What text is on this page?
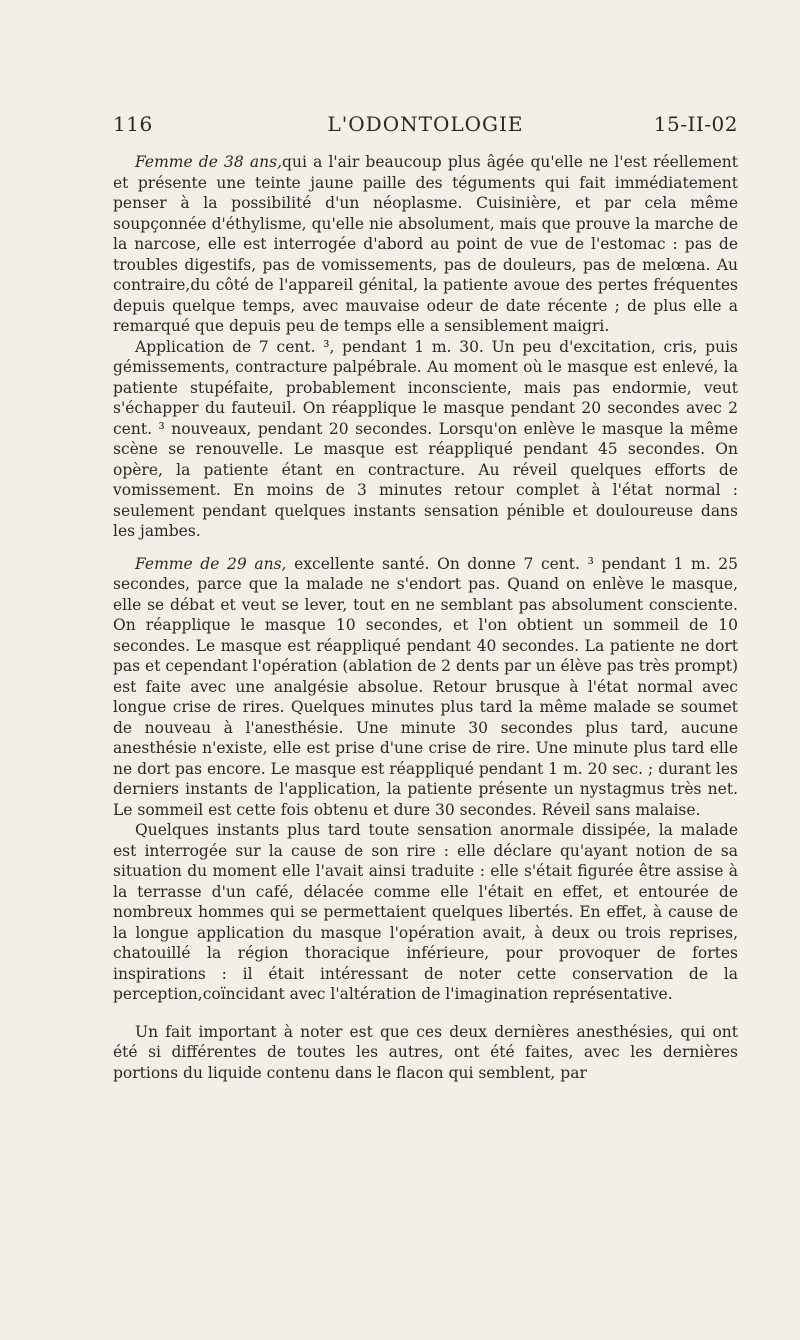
116	L'ODONTOLOGIE	15-II-02

Femme de 38 ans,qui a l'air beaucoup plus âgée qu'elle ne l'est réellement et présente une teinte jaune paille des téguments qui fait immédiatement penser à la possibilité d'un néoplasme. Cuisinière, et par cela même soupçonnée d'éthylisme, qu'elle nie absolument, mais que prouve la marche de la narcose, elle est interrogée d'abord au point de vue de l'estomac : pas de troubles digestifs, pas de vomissements, pas de douleurs, pas de melœna. Au contraire,du côté de l'appareil génital, la patiente avoue des pertes fréquentes depuis quelque temps, avec mauvaise odeur de date récente ; de plus elle a remarqué que depuis peu de temps elle a sensiblement maigri.

Application de 7 cent. ³, pendant 1 m. 30. Un peu d'excitation, cris, puis gémissements, contracture palpébrale. Au moment où le masque est enlevé, la patiente stupéfaite, probablement inconsciente, mais pas endormie, veut s'échapper du fauteuil. On réapplique le masque pendant 20 secondes avec 2 cent. ³ nouveaux, pendant 20 secondes. Lorsqu'on enlève le masque la même scène se renouvelle. Le masque est réappliqué pendant 45 secondes. On opère, la patiente étant en contracture. Au réveil quelques efforts de vomissement. En moins de 3 minutes retour complet à l'état normal : seulement pendant quelques instants sensation pénible et douloureuse dans les jambes.

Femme de 29 ans, excellente santé. On donne 7 cent. ³ pendant 1 m. 25 secondes, parce que la malade ne s'endort pas. Quand on enlève le masque, elle se débat et veut se lever, tout en ne semblant pas absolument consciente. On réapplique le masque 10 secondes, et l'on obtient un sommeil de 10 secondes. Le masque est réappliqué pendant 40 secondes. La patiente ne dort pas et cependant l'opération (ablation de 2 dents par un élève pas très prompt) est faite avec une analgésie absolue. Retour brusque à l'état normal avec longue crise de rires. Quelques minutes plus tard la même malade se soumet de nouveau à l'anesthésie. Une minute 30 secondes plus tard, aucune anesthésie n'existe, elle est prise d'une crise de rire. Une minute plus tard elle ne dort pas encore. Le masque est réappliqué pendant 1 m. 20 sec. ; durant les derniers instants de l'application, la patiente présente un nystagmus très net. Le sommeil est cette fois obtenu et dure 30 secondes. Réveil sans malaise.

Quelques instants plus tard toute sensation anormale dissipée, la malade est interrogée sur la cause de son rire : elle déclare qu'ayant notion de sa situation du moment elle l'avait ainsi traduite : elle s'était figurée être assise à la terrasse d'un café, délacée comme elle l'était en effet, et entourée de nombreux hommes qui se permettaient quelques libertés. En effet, à cause de la longue application du masque l'opération avait, à deux ou trois reprises, chatouillé la région thoracique inférieure, pour provoquer de fortes inspirations : il était intéressant de noter cette conservation de la perception,coïncidant avec l'altération de l'imagination représentative.

Un fait important à noter est que ces deux dernières anesthésies, qui ont été si différentes de toutes les autres, ont été faites, avec les dernières portions du liquide contenu dans le flacon qui semblent, par
